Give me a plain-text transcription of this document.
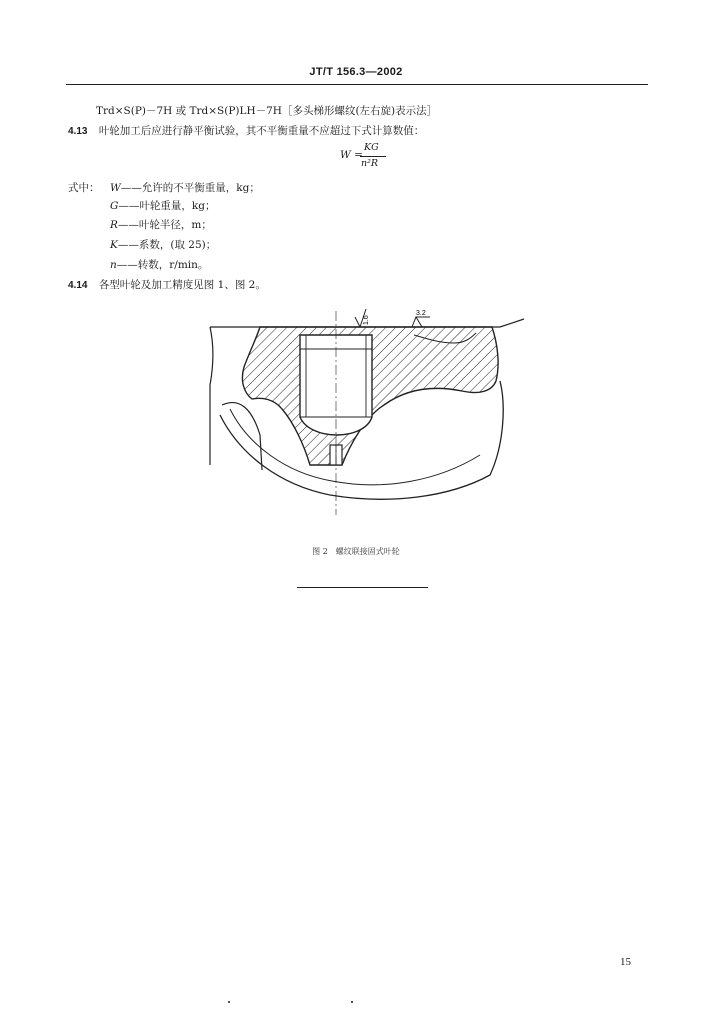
JT/T 156.3—2002
Trd×S(P)－7H 或 Trd×S(P)LH－7H［多头梯形螺纹(左右旋)表示法］
4.13 叶轮加工后应进行静平衡试验，其不平衡重量不应超过下式计算数值：
W =
KG
n²R
式中： W——允许的不平衡重量，kg；
G——叶轮重量，kg；
R——叶轮半径，m；
K——系数，(取 25)；
n——转数，r/min。
4.14 各型叶轮及加工精度见图 1、图 2。
1.6
3.2
图 2　螺纹联接固式叶轮
15
